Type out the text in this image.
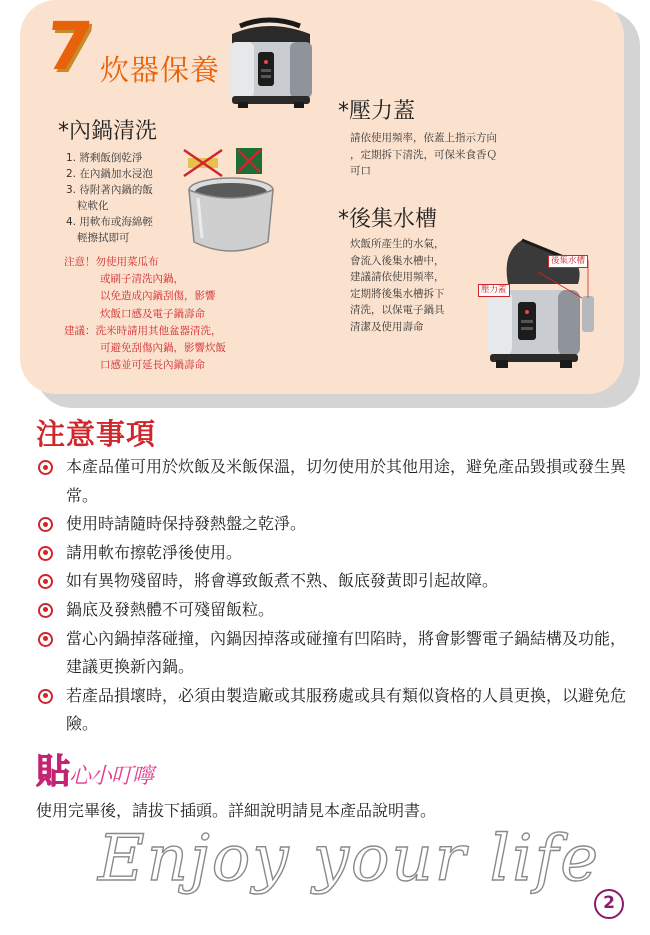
7 炊器保養
*內鍋清洗
1. 將剩飯倒乾淨
2. 在內鍋加水浸泡
3. 待附著內鍋的飯
粒軟化
4. 用軟布或海綿輕
輕擦拭即可

注意！勿使用菜瓜布

或刷子清洗內鍋，

以免造成內鍋刮傷，影響

炊飯口感及電子鍋壽命

建議：洗米時請用其他盆器清洗，

可避免刮傷內鍋，影響炊飯

口感並可延長內鍋壽命

*壓力蓋
請依使用頻率，依蓋上指示方向
，定期拆下清洗，可保米食香Ｑ
可口
*後集水槽
炊飯所產生的水氣，
會流入後集水槽中，
建議請依使用頻率，
定期將後集水槽拆下
清洗，以保電子鍋具
清潔及使用壽命
後集水槽
壓力蓋
注意事項
本產品僅可用於炊飯及米飯保溫，切勿使用於其他用途，避免產品毀損或發生異常。
使用時請隨時保持發熱盤之乾淨。
請用軟布擦乾淨後使用。
如有異物殘留時，將會導致飯煮不熟、飯底發黃即引起故障。
鍋底及發熱體不可殘留飯粒。
當心內鍋掉落碰撞，內鍋因掉落或碰撞有凹陷時，將會影響電子鍋結構及功能，建議更換新內鍋。
若產品損壞時，必須由製造廠或其服務處或具有類似資格的人員更換，以避免危險。
貼心小叮嚀
使用完畢後，請拔下插頭。詳細說明請見本產品說明書。
Enjoy your life
2
